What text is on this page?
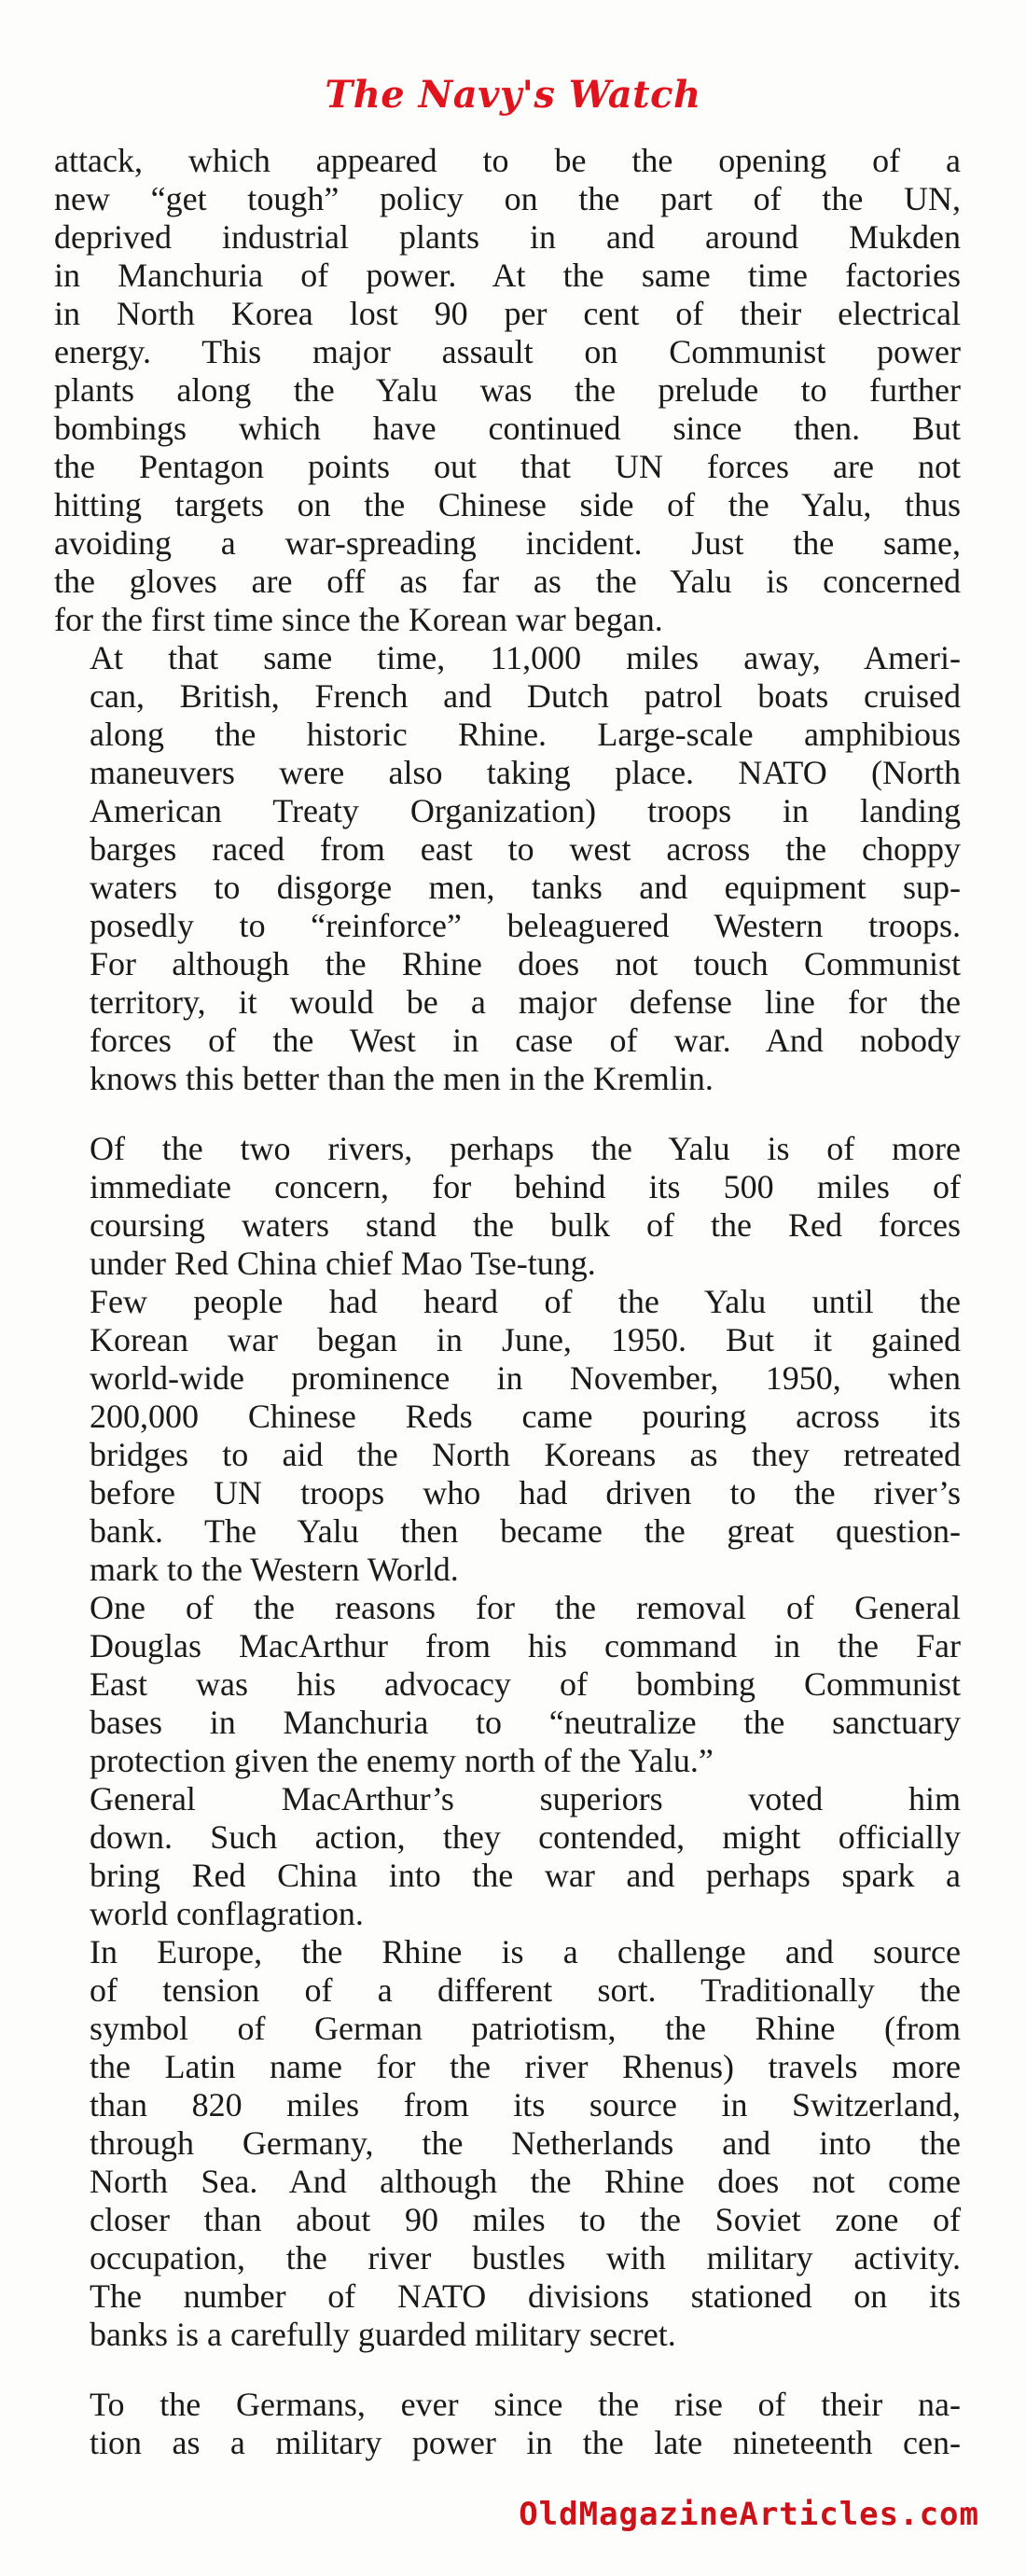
The Navy's Watch

attack, which appeared to be the opening of a
new “get tough” policy on the part of the UN,
deprived industrial plants in and around Mukden
in Manchuria of power. At the same time factories
in North Korea lost 90 per cent of their electrical
energy. This major assault on Communist power
plants along the Yalu was the prelude to further
bombings which have continued since then. But
the Pentagon points out that UN forces are not
hitting targets on the Chinese side of the Yalu, thus
avoiding a war-spreading incident. Just the same,
the gloves are off as far as the Yalu is concerned
for the first time since the Korean war began.

At that same time, 11,000 miles away, Ameri-
can, British, French and Dutch patrol boats cruised
along the historic Rhine. Large-scale amphibious
maneuvers were also taking place. NATO (North
American Treaty Organization) troops in landing
barges raced from east to west across the choppy
waters to disgorge men, tanks and equipment sup-
posedly to “reinforce” beleaguered Western troops.
For although the Rhine does not touch Communist
territory, it would be a major defense line for the
forces of the West in case of war. And nobody
knows this better than the men in the Kremlin.

Of the two rivers, perhaps the Yalu is of more
immediate concern, for behind its 500 miles of
coursing waters stand the bulk of the Red forces
under Red China chief Mao Tse-tung.

Few people had heard of the Yalu until the
Korean war began in June, 1950. But it gained
world-wide prominence in November, 1950, when
200,000 Chinese Reds came pouring across its
bridges to aid the North Koreans as they retreated
before UN troops who had driven to the river’s
bank. The Yalu then became the great question-
mark to the Western World.

One of the reasons for the removal of General
Douglas MacArthur from his command in the Far
East was his advocacy of bombing Communist
bases in Manchuria to “neutralize the sanctuary
protection given the enemy north of the Yalu.”

General MacArthur’s superiors voted him
down. Such action, they contended, might officially
bring Red China into the war and perhaps spark a
world conflagration.

In Europe, the Rhine is a challenge and source
of tension of a different sort. Traditionally the
symbol of German patriotism, the Rhine (from
the Latin name for the river Rhenus) travels more
than 820 miles from its source in Switzerland,
through Germany, the Netherlands and into the
North Sea. And although the Rhine does not come
closer than about 90 miles to the Soviet zone of
occupation, the river bustles with military activity.
The number of NATO divisions stationed on its
banks is a carefully guarded military secret.

To the Germans, ever since the rise of their na-
tion as a military power in the late nineteenth cen-

OldMagazineArticles.com
